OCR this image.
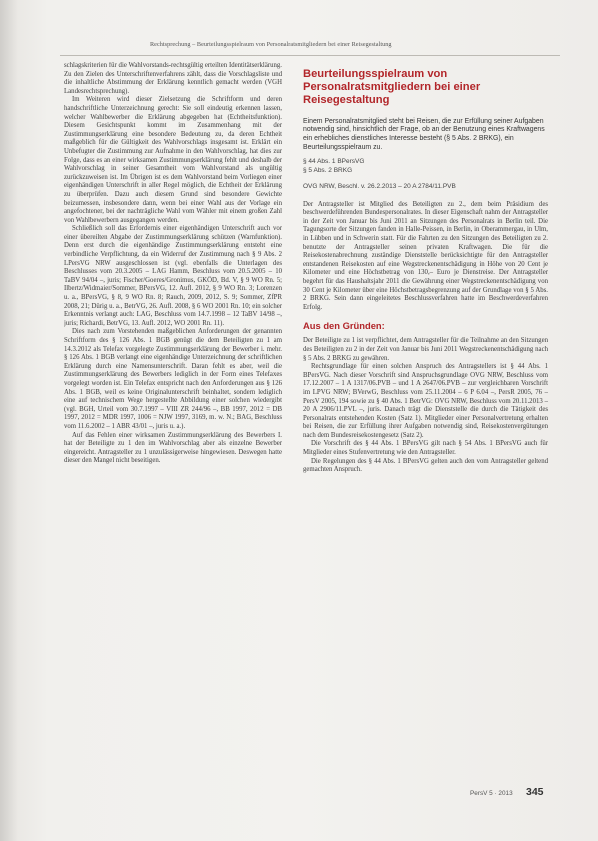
Rechtsprechung – Beurteilungsspielraum von Personalratsmitgliedern bei einer Reisegestaltung

schlagskriterien für die Wahlvorstands-rechtsgültig erteilten Identitätserklärung. Zu den Zielen des Unterschriftenverfahrens zählt, dass die Vorschlagsliste und die inhaltliche Abstimmung der Erklärung kenntlich gemacht werden (VGH Landesrechtsprechung).

Im Weiteren wird dieser Zielsetzung die Schriftform und deren handschriftliche Unterzeichnung gerecht: Sie soll eindeutig erkennen lassen, welcher Wahlbewerber die Erklärung abgegeben hat (Echtheitsfunktion). Diesem Gesichtspunkt kommt im Zusammenhang mit der Zustimmungserklärung eine besondere Bedeutung zu, da deren Echtheit maßgeblich für die Gültigkeit des Wahlvorschlags insgesamt ist. Erklärt ein Unbefugter die Zustimmung zur Aufnahme in den Wahlvorschlag, hat dies zur Folge, dass es an einer wirksamen Zustimmungserklärung fehlt und deshalb der Wahlvorschlag in seiner Gesamtheit vom Wahlvorstand als ungültig zurückzuweisen ist. Im Übrigen ist es dem Wahlvorstand beim Vorliegen einer eigenhändigen Unterschrift in aller Regel möglich, die Echtheit der Erklärung zu überprüfen. Dazu auch diesem Grund sind besondere Gewichte beizumessen, insbesondere dann, wenn bei einer Wahl aus der Vorlage ein angefochtener, bei der nachträgliche Wahl vom Wähler mit einem großen Zahl von Wahlbewerbern ausgegangen werden.

Schließlich soll das Erfordernis einer eigenhändigen Unterschrift auch vor einer übereilten Abgabe der Zustimmungserklärung schützen (Warnfunktion). Denn erst durch die eigenhändige Zustimmungserklärung entsteht eine verbindliche Verpflichtung, da ein Widerruf der Zustimmung nach § 9 Abs. 2 LPersVG NRW ausgeschlossen ist (vgl. ebenfalls die Unterlagen des Beschlusses vom 20.3.2005 – LAG Hamm, Beschluss vom 20.5.2005 – 10 TaBV 94/04 –, juris; Fischer/Goeres/Gronimus, GKÖD, Bd. V, § 9 WO Rn. 5; Ilbertz/Widmaier/Sommer, BPersVG, 12. Aufl. 2012, § 9 WO Rn. 3; Lorenzen u. a., BPersVG, § 8, 9 WO Rn. 8; Rauch, 2009, 2012, S. 9; Sommer, ZfPR 2008, 21; Dürig u. a., BetrVG, 26. Aufl. 2008, § 6 WO 2001 Rn. 10; ein solcher Erkenntnis verlangt auch: LAG, Beschluss vom 14.7.1998 – 12 TaBV 14/98 –, juris; Richardi, BetrVG, 13. Aufl. 2012, WO 2001 Rn. 11).

Dies nach zum Vorstehenden maßgeblichen Anforderungen der genannten Schriftform des § 126 Abs. 1 BGB genügt die dem Beteiligten zu 1 am 14.3.2012 als Telefax vorgelegte Zustimmungserklärung der Bewerber i. mehr. § 126 Abs. 1 BGB verlangt eine eigenhändige Unterzeichnung der schriftlichen Erklärung durch eine Namensunterschrift. Daran fehlt es aber, weil die Zustimmungserklärung des Bewerbers lediglich in der Form eines Telefaxes vorgelegt worden ist. Ein Telefax entspricht nach den Anforderungen aus § 126 Abs. 1 BGB, weil es keine Originalunterschrift beinhaltet, sondern lediglich eine auf technischem Wege hergestellte Abbildung einer solchen wiedergibt (vgl. BGH, Urteil vom 30.7.1997 – VIII ZR 244/96 –, BB 1997, 2012 = DB 1997, 2012 = MDR 1997, 1006 = NJW 1997, 3169, m. w. N.; BAG, Beschluss vom 11.6.2002 – 1 ABR 43/01 –, juris u. a.).

Auf das Fehlen einer wirksamen Zustimmungserklärung des Bewerbers I. hat der Beteiligte zu 1 den im Wahlvorschlag aber als einzelne Bewerber eingereicht. Antragsteller zu 1 unzulässigerweise hingewiesen. Deswegen hatte dieser den Mangel nicht beseitigen.

Beurteilungsspielraum von Personalratsmitgliedern bei einer Reisegestaltung
Einem Personalratsmitglied steht bei Reisen, die zur Erfüllung seiner Aufgaben notwendig sind, hinsichtlich der Frage, ob an der Benutzung eines Kraftwagens ein erhebliches dienstliches Interesse besteht (§ 5 Abs. 2 BRKG), ein Beurteilungsspielraum zu.
§ 44 Abs. 1 BPersVG
§ 5 Abs. 2 BRKG
OVG NRW, Beschl. v. 26.2.2013 – 20 A 2784/11.PVB

Der Antragsteller ist Mitglied des Beteiligten zu 2., dem beim Präsidium des beschwerdeführenden Bundespersonalrates. In dieser Eigenschaft nahm der Antragsteller in der Zeit von Januar bis Juni 2011 an Sitzungen des Personalrats in Berlin teil. Die Tagungsorte der Sitzungen fanden in Halle-Peissen, in Berlin, in Oberammergau, in Ulm, in Lübben und in Schwerin statt. Für die Fahrten zu den Sitzungen des Beteiligten zu 2. benutzte der Antragsteller seinen privaten Kraftwagen. Die für die Reisekostenabrechnung zuständige Dienststelle berücksichtigte für den Antragsteller entstandenen Reisekosten auf eine Wegstreckenentschädigung in Höhe von 20 Cent je Kilometer und eine Höchstbetrag von 130,– Euro je Dienstreise. Der Antragsteller begehrt für das Haushaltsjahr 2011 die Gewährung einer Wegstreckenentschädigung von 30 Cent je Kilometer über eine Höchstbetragsbegrenzung auf der Grundlage von § 5 Abs. 2 BRKG. Sein dann eingeleitetes Beschlussverfahren hatte im Beschwerdeverfahren Erfolg.

Aus den Gründen:

Der Beteiligte zu 1 ist verpflichtet, dem Antragsteller für die Teilnahme an den Sitzungen des Beteiligten zu 2 in der Zeit von Januar bis Juni 2011 Wegstreckenentschädigung nach § 5 Abs. 2 BRKG zu gewähren.

Rechtsgrundlage für einen solchen Anspruch des Antragstellers ist § 44 Abs. 1 BPersVG. Nach dieser Vorschrift sind Anspruchsgrundlage OVG NRW, Beschluss vom 17.12.2007 – 1 A 1317/06.PVB – und 1 A 2647/06.PVB – zur vergleichbaren Vorschrift im LPVG NRW; BVerwG, Beschluss vom 25.11.2004 – 6 P 6.04 –, PersR 2005, 76 – PersV 2005, 194 sowie zu § 40 Abs. 1 BetrVG: OVG NRW, Beschluss vom 20.11.2013 – 20 A 2906/11.PVL –, juris. Danach trägt die Dienststelle die durch die Tätigkeit des Personalrats entstehenden Kosten (Satz 1). Mitglieder einer Personalvertretung erhalten bei Reisen, die zur Erfüllung ihrer Aufgaben notwendig sind, Reisekostenvergütungen nach dem Bundesreisekostengesetz (Satz 2).

Die Vorschrift des § 44 Abs. 1 BPersVG gilt nach § 54 Abs. 1 BPersVG auch für Mitglieder eines Stufenvertretung wie den Antragsteller.

Die Regelungen des § 44 Abs. 1 BPersVG gelten auch den vom Antragsteller geltend gemachten Anspruch.

PersV 5 · 2013 345
